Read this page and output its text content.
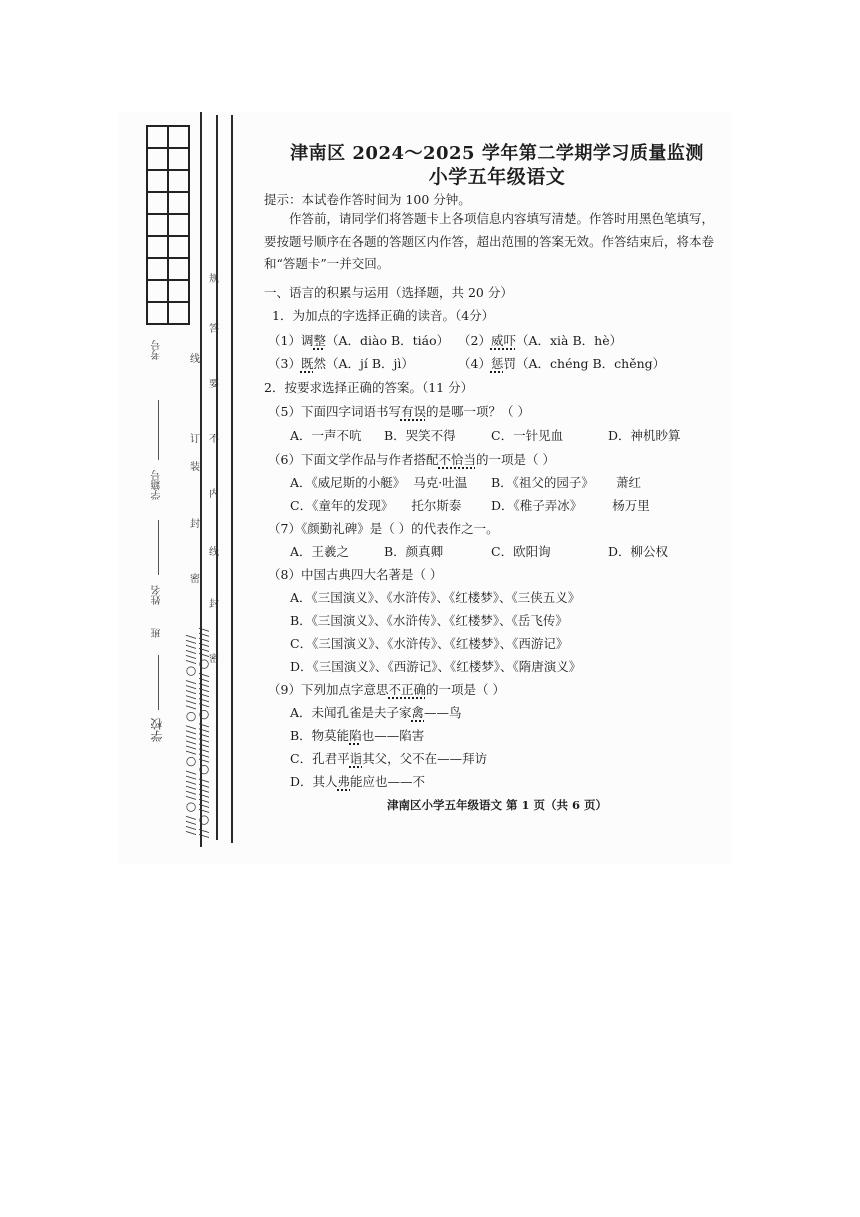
考号
学籍号
姓名
班
学校 ////○//////○//////○//////○////// //○///////○////////○///////○//////
线
订
装
封
密
规
答
要
不
内
线
封
密
津南区 2024～2025 学年第二学期学习质量监测
小学五年级语文
提示：本试卷作答时间为 100 分钟。
作答前，请同学们将答题卡上各项信息内容填写清楚。作答时用黑色笔填写，要按题号顺序在各题的答题区内作答，超出范围的答案无效。作答结束后，将本卷和“答题卡”一并交回。
一、语言的积累与运用（选择题，共 20 分）
1．为加点的字选择正确的读音。（4分）
（1）调整（A．diào B．tiáo） （2）威吓（A．xià B．hè）
（3）既然（A．jí B．jì）	（4）惩罚（A．chéng B．chěng）
2．按要求选择正确的答案。（11 分）
（5）下面四字词语书写有误的是哪一项？（ ）
A．一声不吭 B．哭笑不得	C．一针见血	D．神机眇算
（6）下面文学作品与作者搭配不恰当的一项是（ ）
A．《威尼斯的小艇》 马克·吐温 B．《祖父的园子》 萧红
C．《童年的发现》 托尔斯泰 D．《稚子弄冰》 杨万里
（7）《颜勤礼碑》是（ ）的代表作之一。
A．王羲之	B．颜真卿	C．欧阳询	D．柳公权
（8）中国古典四大名著是（ ）
A．《三国演义》、《水浒传》、《红楼梦》、《三侠五义》
B．《三国演义》、《水浒传》、《红楼梦》、《岳飞传》
C．《三国演义》、《水浒传》、《红楼梦》、《西游记》
D．《三国演义》、《西游记》、《红楼梦》、《隋唐演义》
（9）下列加点字意思不正确的一项是（ ）
A．未闻孔雀是夫子家禽——鸟
B．物莫能陷也——陷害
C．孔君平诣其父，父不在——拜访
D．其人弗能应也——不
津南区小学五年级语文 第 1 页（共 6 页）
